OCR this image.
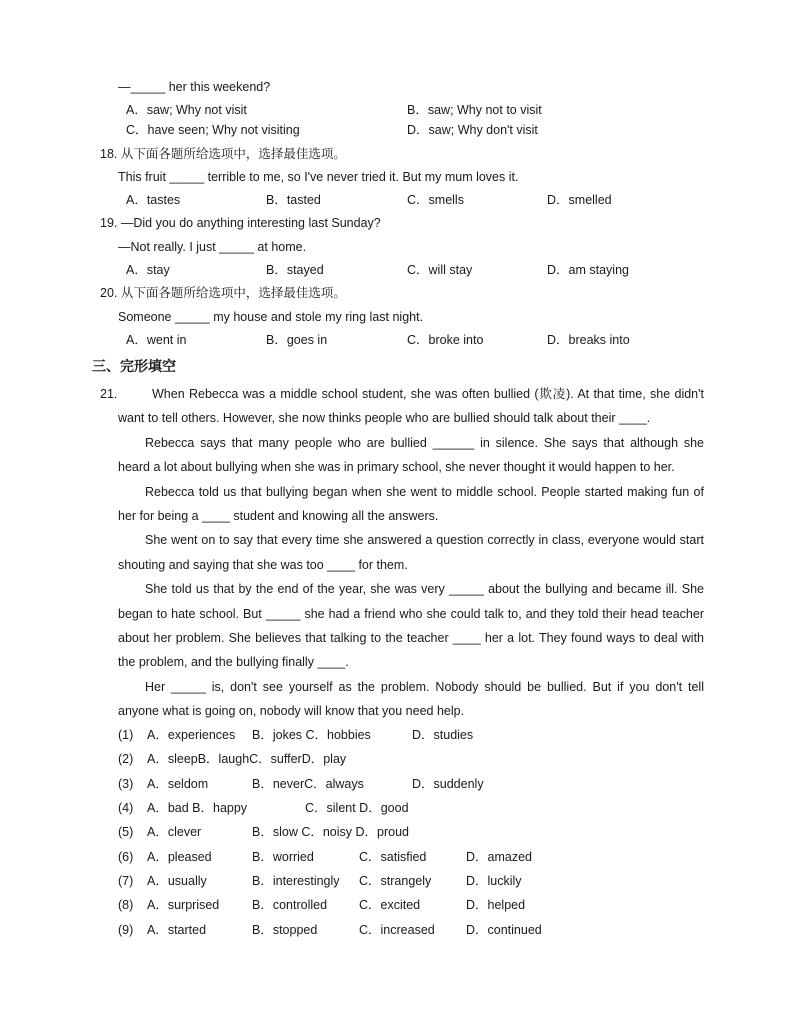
—_____ her this weekend?
A．saw; Why not visit	B．saw; Why not to visit
C．have seen; Why not visiting	D．saw; Why don't visit
18. 从下面各题所给选项中，选择最佳选项。
This fruit _____ terrible to me, so I've never tried it. But my mum loves it.
A．tastes	B．tasted	C．smells	D．smelled
19. —Did you do anything interesting last Sunday?
—Not really. I just _____ at home.
A．stay	B．stayed	C．will stay	D．am staying
20. 从下面各题所给选项中，选择最佳选项。
Someone _____ my house and stole my ring last night.
A．went in	B．goes in	C．broke into	D．breaks into
三、完形填空
21.	When Rebecca was a middle school student, she was often bullied (欺凌). At that time, she didn't want to tell others. However, she now thinks people who are bullied should talk about their ____.

Rebecca says that many people who are bullied ______ in silence. She says that although she heard a lot about bullying when she was in primary school, she never thought it would happen to her.

Rebecca told us that bullying began when she went to middle school. People started making fun of her for being a ____ student and knowing all the answers.

She went on to say that every time she answered a question correctly in class, everyone would start shouting and saying that she was too ____ for them.

She told us that by the end of the year, she was very _____ about the bullying and became ill. She began to hate school. But _____ she had a friend who she could talk to, and they told their head teacher about her problem. She believes that talking to the teacher ____ her a lot. They found ways to deal with the problem, and the bullying finally ____.

Her _____ is, don't see yourself as the problem. Nobody should be bullied. But if you don't tell anyone what is going on, nobody will know that you need help.

(1) A．experiences B．jokes C．hobbies	D．studies
(2) A．sleepB．laughC．sufferD．play
(3) A．seldom	B．neverC．always	D．suddenly
(4) A．bad B．happy	C．silent D．good
(5) A．clever	B．slow C．noisy D．proud
(6) A．pleased	B．worried	C．satisfied	D．amazed
(7) A．usually	B．interestingly C．strangely	D．luckily
(8) A．surprised	B．controlled	C．excited	D．helped
(9) A．started	B．stopped	C．increased	D．continued
